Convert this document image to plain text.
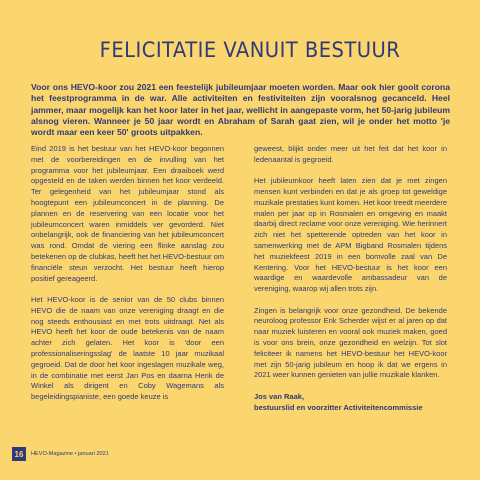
FELICITATIE VANUIT BESTUUR
Voor ons HEVO-koor zou 2021 een feestelijk jubileumjaar moeten worden. Maar ook hier gooit corona het feestprogramma in de war. Alle activiteiten en festiviteiten zijn vooralsnog gecanceld. Heel jammer, maar mogelijk kan het koor later in het jaar, wellicht in aangepaste vorm, het 50-jarig jubileum alsnog vieren. Wanneer je 50 jaar wordt en Abraham of Sarah gaat zien, wil je onder het motto 'je wordt maar een keer 50' groots uitpakken.

Eind 2019 is het bestuur van het HEVO-koor begonnen met de voorbereidingen en de invulling van het programma voor het jubileumjaar. Een draaiboek werd opgesteld en de taken werden binnen het koor verdeeld. Ter gelegenheid van het jubileumjaar stond als hoogtepunt een jubileumconcert in de planning. De plannen en de reservering van een locatie voor het jubileumconcert waren inmiddels ver gevorderd. Niet onbelangrijk, ook de financiering van het jubileumconcert was rond. Omdat de viering een flinke aanslag zou betekenen op de clubkas, heeft het het HEVO-bestuur om financiële steun verzocht. Het bestuur heeft hierop positief gereageerd.

Het HEVO-koor is de senior van de 50 clubs binnen HEVO die de naam van onze vereniging draagt en die nog steeds enthousiast en met trots uitdraagt. Net als HEVO heeft het koor de oude betekenis van de naam achter zich gelaten. Het koor is 'door een professionaliseringsslag' de laatste 10 jaar muzikaal gegroeid. Dat de door het koor ingeslagen muzikale weg, in de combinatie met eerst Jan Pos en daarna Henk de Winkel als dirigent en Coby Wagemans als begeleidingspianiste, een goede keuze is

geweest, blijkt onder meer uit het feit dat het koor in ledenaantal is gegroeid.

Het jubileumkoor heeft laten zien dat je met zingen mensen kunt verbinden en dat je als groep tot geweldige muzikale prestaties kunt komen. Het koor treedt meerdere malen per jaar op in Rosmalen en omgeving en maakt daarbij direct reclame voor onze vereniging. Wie herinnert zich niet het spetterende optreden van het koor in samenwerking met de APM Bigband Rosmalen tijdens het muziekfeest 2019 in een bomvolle zaal van De Kentering. Voor het HEVO-bestuur is het koor een waardige en waardevolle ambassadeur van de vereniging, waarop wij allen trots zijn.

Zingen is belangrijk voor onze gezondheid. De bekende neuroloog professor Erik Scherder wijst er al jaren op dat naar muziek luisteren en vooral ook muziek maken, goed is voor ons brein, onze gezondheid en welzijn. Tot slot feliciteer ik namens het HEVO-bestuur het HEVO-koor met zijn 50-jarig jubileum en hoop ik dat we ergens in 2021 weer kunnen genieten van jullie muzikale klanken.

Jos van Raak,
bestuurslid en voorzitter Activiteitencommissie

16	HEVO-Magazine • januari 2021
